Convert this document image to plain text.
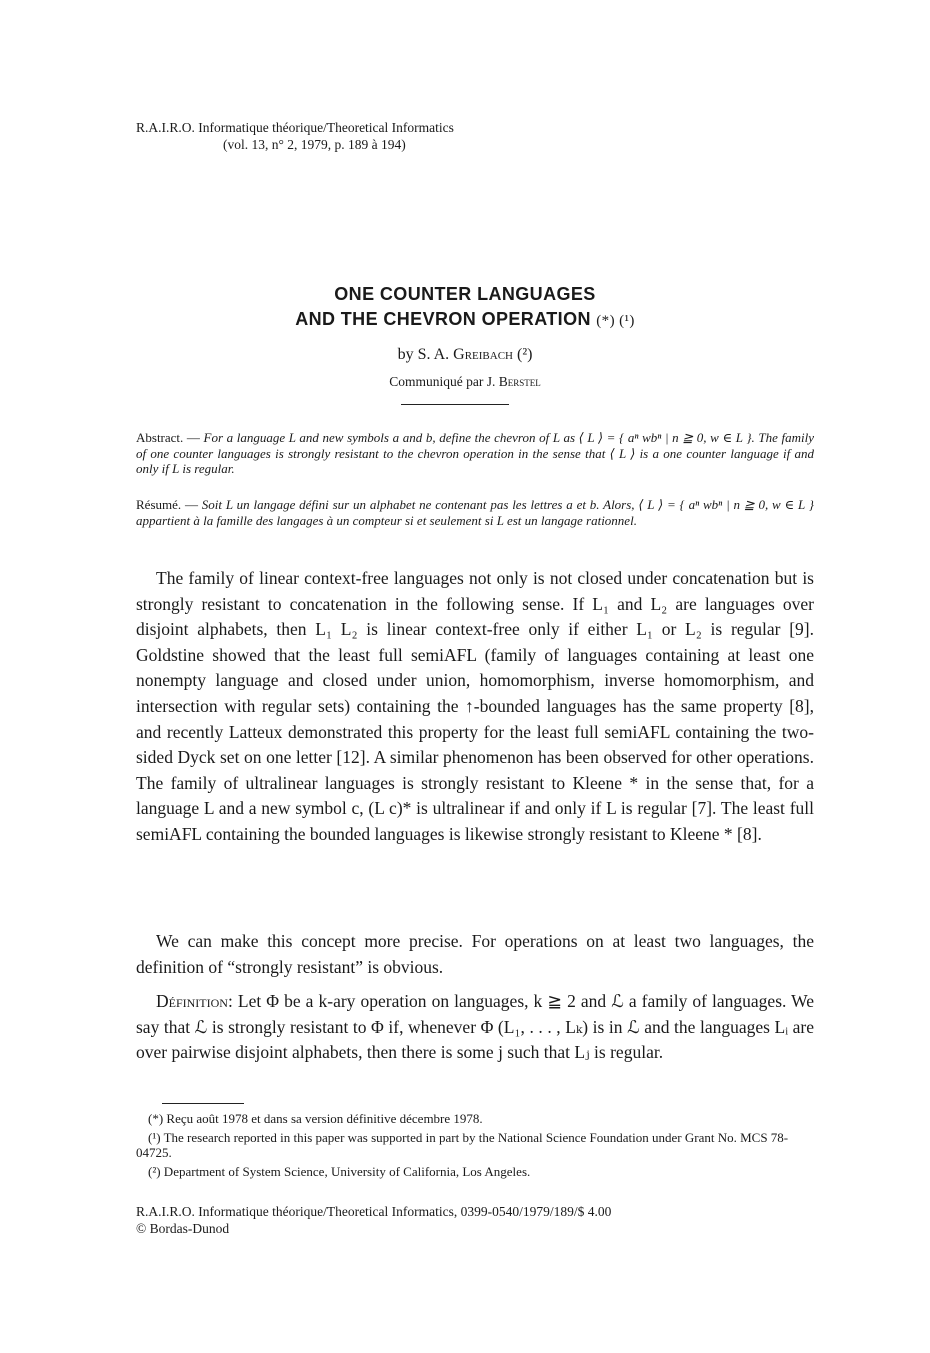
R.A.I.R.O. Informatique théorique/Theoretical Informatics
(vol. 13, n° 2, 1979, p. 189 à 194)
ONE COUNTER LANGUAGES
AND THE CHEVRON OPERATION (*) (¹)
by S. A. Greibach (²)
Communiqué par J. Berstel
Abstract. — For a language L and new symbols a and b, define the chevron of L as ⟨ L ⟩ = { aⁿ wbⁿ | n ≧ 0, w ∈ L }. The family of one counter languages is strongly resistant to the chevron operation in the sense that ⟨ L ⟩ is a one counter language if and only if L is regular.
Résumé. — Soit L un langage défini sur un alphabet ne contenant pas les lettres a et b. Alors, ⟨ L ⟩ = { aⁿ wbⁿ | n ≧ 0, w ∈ L } appartient à la famille des langages à un compteur si et seulement si L est un langage rationnel.
The family of linear context-free languages not only is not closed under concatenation but is strongly resistant to concatenation in the following sense. If L₁ and L₂ are languages over disjoint alphabets, then L₁ L₂ is linear context-free only if either L₁ or L₂ is regular [9]. Goldstine showed that the least full semiAFL (family of languages containing at least one nonempty language and closed under union, homomorphism, inverse homomorphism, and intersection with regular sets) containing the ↑-bounded languages has the same property [8], and recently Latteux demonstrated this property for the least full semiAFL containing the two-sided Dyck set on one letter [12]. A similar phenomenon has been observed for other operations. The family of ultralinear languages is strongly resistant to Kleene * in the sense that, for a language L and a new symbol c, (L c)* is ultralinear if and only if L is regular [7]. The least full semiAFL containing the bounded languages is likewise strongly resistant to Kleene * [8].
We can make this concept more precise. For operations on at least two languages, the definition of “strongly resistant” is obvious.
Définition: Let Φ be a k-ary operation on languages, k ≧ 2 and ℒ a family of languages. We say that ℒ is strongly resistant to Φ if, whenever Φ (L₁, . . . , Lₖ) is in ℒ and the languages Lᵢ are over pairwise disjoint alphabets, then there is some j such that Lⱼ is regular.
(*) Reçu août 1978 et dans sa version définitive décembre 1978.
(¹) The research reported in this paper was supported in part by the National Science Foundation under Grant No. MCS 78-04725.
(²) Department of System Science, University of California, Los Angeles.
R.A.I.R.O. Informatique théorique/Theoretical Informatics, 0399-0540/1979/189/$ 4.00
© Bordas-Dunod
